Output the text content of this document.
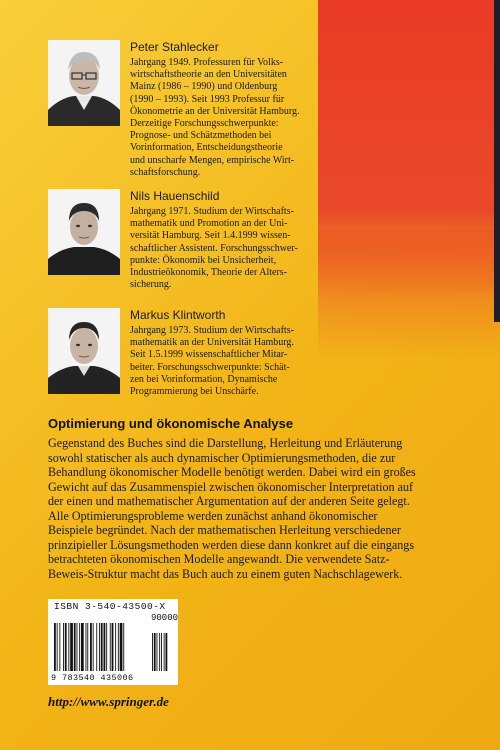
Peter Stahlecker

Jahrgang 1949. Professuren für Volks-
wirtschaftstheorie an den Universitäten
Mainz (1986 – 1990) und Oldenburg
(1990 – 1993). Seit 1993 Professur für
Ökonometrie an der Universität Hamburg.
Derzeitige Forschungsschwerpunkte:
Prognose- und Schätzmethoden bei
Vorinformation, Entscheidungstheorie
und unscharfe Mengen, empirische Wirt-
schaftsforschung.

Nils Hauenschild

Jahrgang 1971. Studium der Wirtschafts-
mathematik und Promotion an der Uni-
versität Hamburg. Seit 1.4.1999 wissen-
schaftlicher Assistent. Forschungsschwer-
punkte: Ökonomik bei Unsicherheit,
Industrieökonomik, Theorie der Alters-
sicherung.

Markus Klintworth

Jahrgang 1973. Studium der Wirtschafts-
mathematik an der Universität Hamburg.
Seit 1.5.1999 wissenschaftlicher Mitar-
beiter. Forschungsschwerpunkte: Schät-
zen bei Vorinformation, Dynamische
Programmierung bei Unschärfe.

Optimierung und ökonomische Analyse

Gegenstand des Buches sind die Darstellung, Herleitung und Erläuterung
sowohl statischer als auch dynamischer Optimierungsmethoden, die zur
Behandlung ökonomischer Modelle benötigt werden. Dabei wird ein großes
Gewicht auf das Zusammenspiel zwischen ökonomischer Interpretation auf
der einen und mathematischer Argumentation auf der anderen Seite gelegt.
Alle Optimierungsprobleme werden zunächst anhand ökonomischer
Beispiele begründet. Nach der mathematischen Herleitung verschiedener
prinzipieller Lösungsmethoden werden diese dann konkret auf die eingangs
betrachteten ökonomischen Modelle angewandt. Die verwendete Satz-
Beweis-Struktur macht das Buch auch zu einem guten Nachschlagewerk.

ISBN 3-540-43500-X
90000
9 783540 435006

http://www.springer.de
